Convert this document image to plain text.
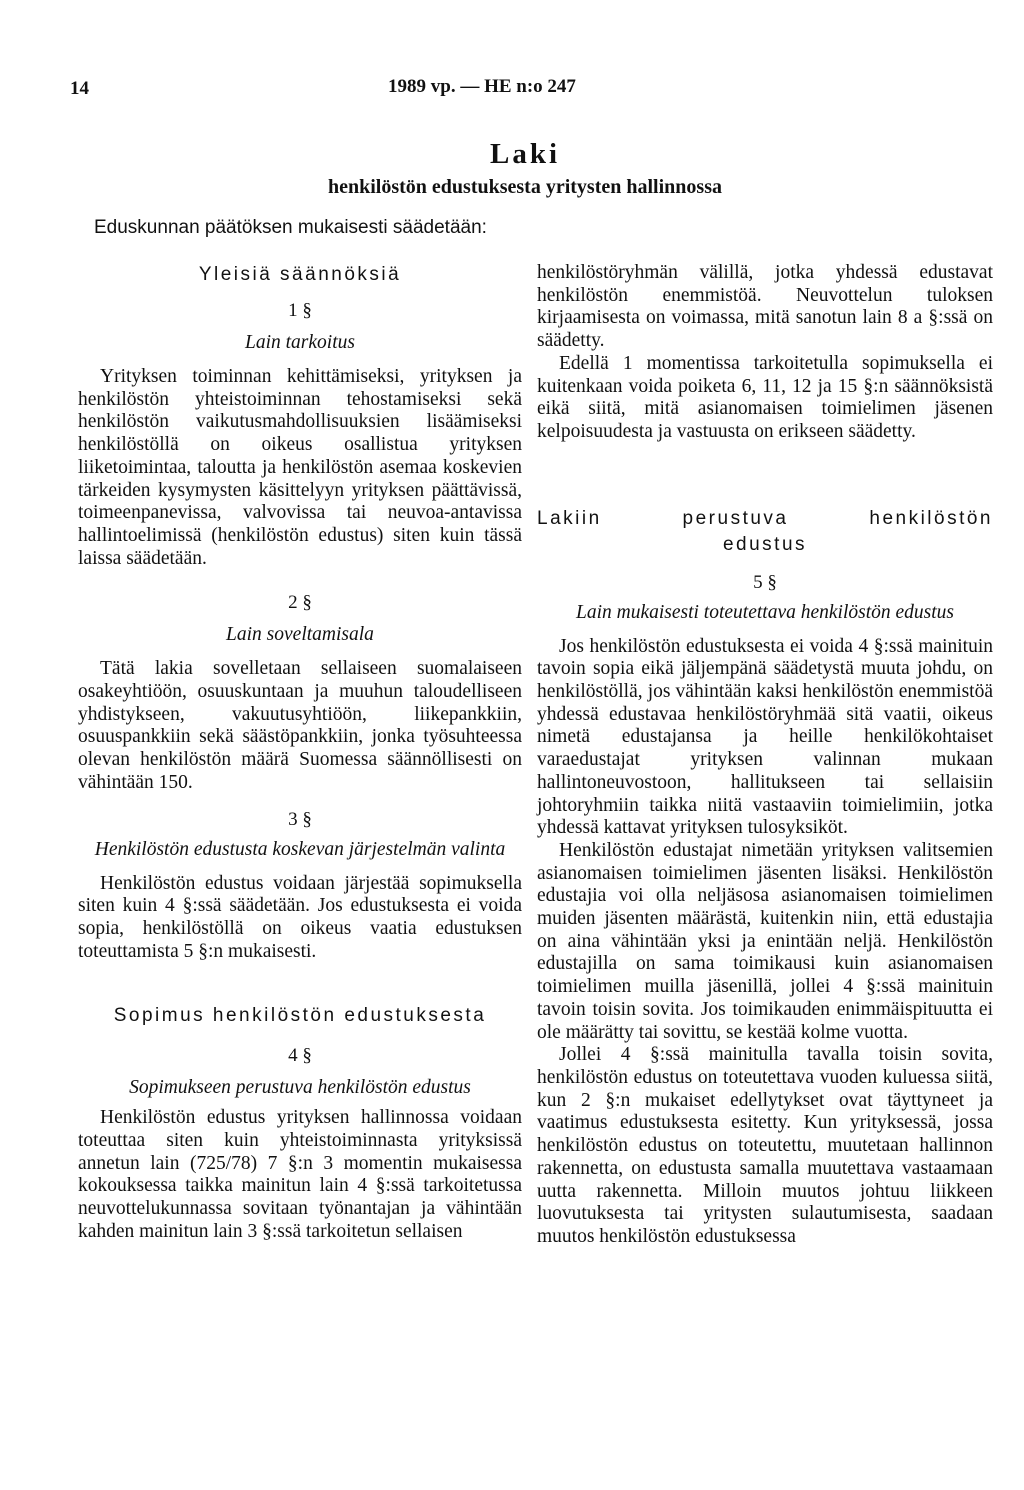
14	1989 vp. — HE n:o 247
Laki
henkilöstön edustuksesta yritysten hallinnossa
Eduskunnan päätöksen mukaisesti säädetään:
Yleisiä säännöksiä
1 §
Lain tarkoitus

Yrityksen toiminnan kehittämiseksi, yrityksen ja henkilöstön yhteistoiminnan tehostamiseksi sekä henkilöstön vaikutusmahdollisuuksien lisäämiseksi henkilöstöllä on oikeus osallistua yrityksen liiketoimintaa, taloutta ja henkilöstön asemaa koskevien tärkeiden kysymysten käsittelyyn yrityksen päättävissä, toimeenpanevissa, valvovissa tai neuvoa-antavissa hallintoelimissä (henkilöstön edustus) siten kuin tässä laissa säädetään.

2 §
Lain soveltamisala

Tätä lakia sovelletaan sellaiseen suomalaiseen osakeyhtiöön, osuuskuntaan ja muuhun taloudelliseen yhdistykseen, vakuutusyhtiöön, liikepankkiin, osuuspankkiin sekä säästöpankkiin, jonka työsuhteessa olevan henkilöstön määrä Suomessa säännöllisesti on vähintään 150.

3 §
Henkilöstön edustusta koskevan järjestelmän valinta

Henkilöstön edustus voidaan järjestää sopimuksella siten kuin 4 §:ssä säädetään. Jos edustuksesta ei voida sopia, henkilöstöllä on oikeus vaatia edustuksen toteuttamista 5 §:n mukaisesti.

Sopimus henkilöstön edustuksesta
4 §
Sopimukseen perustuva henkilöstön edustus

Henkilöstön edustus yrityksen hallinnossa voidaan toteuttaa siten kuin yhteistoiminnasta yrityksissä annetun lain (725/78) 7 §:n 3 momentin mukaisessa kokouksessa taikka mainitun lain 4 §:ssä tarkoitetussa neuvottelukunnassa sovitaan työnantajan ja vähintään kahden mainitun lain 3 §:ssä tarkoitetun sellaisen

henkilöstöryhmän välillä, jotka yhdessä edustavat henkilöstön enemmistöä. Neuvottelun tuloksen kirjaamisesta on voimassa, mitä sanotun lain 8 a §:ssä on säädetty.

Edellä 1 momentissa tarkoitetulla sopimuksella ei kuitenkaan voida poiketa 6, 11, 12 ja 15 §:n säännöksistä eikä siitä, mitä asianomaisen toimielimen jäsenen kelpoisuudesta ja vastuusta on erikseen säädetty.

Lakiin perustuva henkilöstön
edustus
5 §
Lain mukaisesti toteutettava henkilöstön edustus

Jos henkilöstön edustuksesta ei voida 4 §:ssä mainituin tavoin sopia eikä jäljempänä säädetystä muuta johdu, on henkilöstöllä, jos vähintään kaksi henkilöstön enemmistöä yhdessä edustavaa henkilöstöryhmää sitä vaatii, oikeus nimetä edustajansa ja heille henkilökohtaiset varaedustajat yrityksen valinnan mukaan hallintoneuvostoon, hallitukseen tai sellaisiin johtoryhmiin taikka niitä vastaaviin toimielimiin, jotka yhdessä kattavat yrityksen tulosyksiköt.

Henkilöstön edustajat nimetään yrityksen valitsemien asianomaisen toimielimen jäsenten lisäksi. Henkilöstön edustajia voi olla neljäsosa asianomaisen toimielimen muiden jäsenten määrästä, kuitenkin niin, että edustajia on aina vähintään yksi ja enintään neljä. Henkilöstön edustajilla on sama toimikausi kuin asianomaisen toimielimen muilla jäsenillä, jollei 4 §:ssä mainituin tavoin toisin sovita. Jos toimikauden enimmäispituutta ei ole määrätty tai sovittu, se kestää kolme vuotta.

Jollei 4 §:ssä mainitulla tavalla toisin sovita, henkilöstön edustus on toteutettava vuoden kuluessa siitä, kun 2 §:n mukaiset edellytykset ovat täyttyneet ja vaatimus edustuksesta esitetty. Kun yrityksessä, jossa henkilöstön edustus on toteutettu, muutetaan hallinnon rakennetta, on edustusta samalla muutettava vastaamaan uutta rakennetta. Milloin muutos johtuu liikkeen luovutuksesta tai yritysten sulautumisesta, saadaan muutos henkilöstön edustuksessa
